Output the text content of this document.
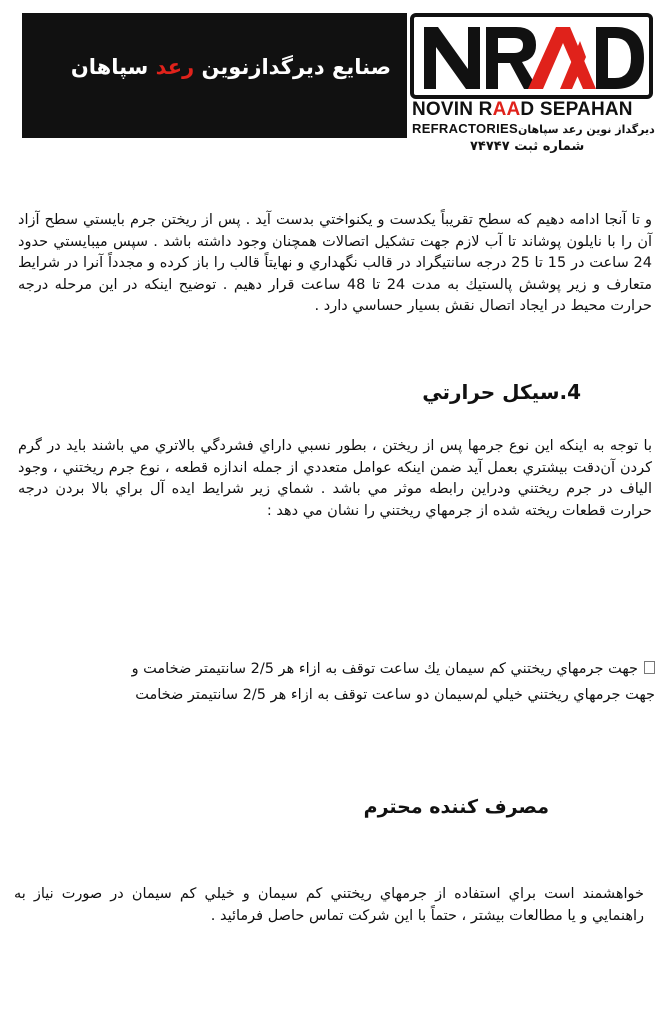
صنايع ديرگدازنوين رعد سپاهان
NOVIN RAAD SEPAHAN
REFRACTORIES ديرگداز نوين رعد سپاهان
شماره ثبت ۷۴۷۴۷
و تا آنجا ادامه دهيم كه سطح تقريباً يكدست و يكنواختي بدست آيد . پس از ريختن جرم بايستي سطح آزاد آن را با نايلون پوشاند تا آب لازم جهت تشكيل اتصالات همچنان وجود داشته باشد . سپس ميبايستي حدود 24 ساعت در 15 تا 25 درجه سانتيگراد در قالب نگهداري و نهايتاً قالب را باز كرده و مجدداً آنرا در شرايط متعارف و زير پوشش پالستيك به مدت 24 تا 48 ساعت قرار دهيم . توضيح اينكه در اين مرحله درجه حرارت محيط در ايجاد اتصال نقش بسيار حساسي دارد .
4.سيكل حرارتي
با توجه به اينكه اين نوع جرمها پس از ريختن ، بطور نسبي داراي فشردگي بالاتري مي باشند بايد در گرم كردن آن‌دقت بيشتري بعمل آيد ضمن اينكه عوامل متعددي از جمله اندازه قطعه ، نوع جرم ريختني ، وجود الياف در جرم ريختني ودراين رابطه موثر مي باشد . شماي زير شرايط ايده آل براي بالا بردن درجه حرارت قطعات ريخته شده از جرمهاي ريختني را نشان مي دهد :
جهت جرمهاي ريختني كم سيمان يك ساعت توقف به ازاء هر 2/5 سانتيمتر ضخامت و
جهت جرمهاي ريختني خيلي لم‌سيمان دو ساعت توقف به ازاء هر 2/5 سانتيمتر ضخامت
مصرف كننده محترم
خواهشمند است براي استفاده از جرمهاي ريختني كم سيمان و خيلي كم سيمان در صورت نياز به راهنمايي و يا مطالعات بيشتر ، حتماً با اين شركت تماس حاصل فرمائيد .
